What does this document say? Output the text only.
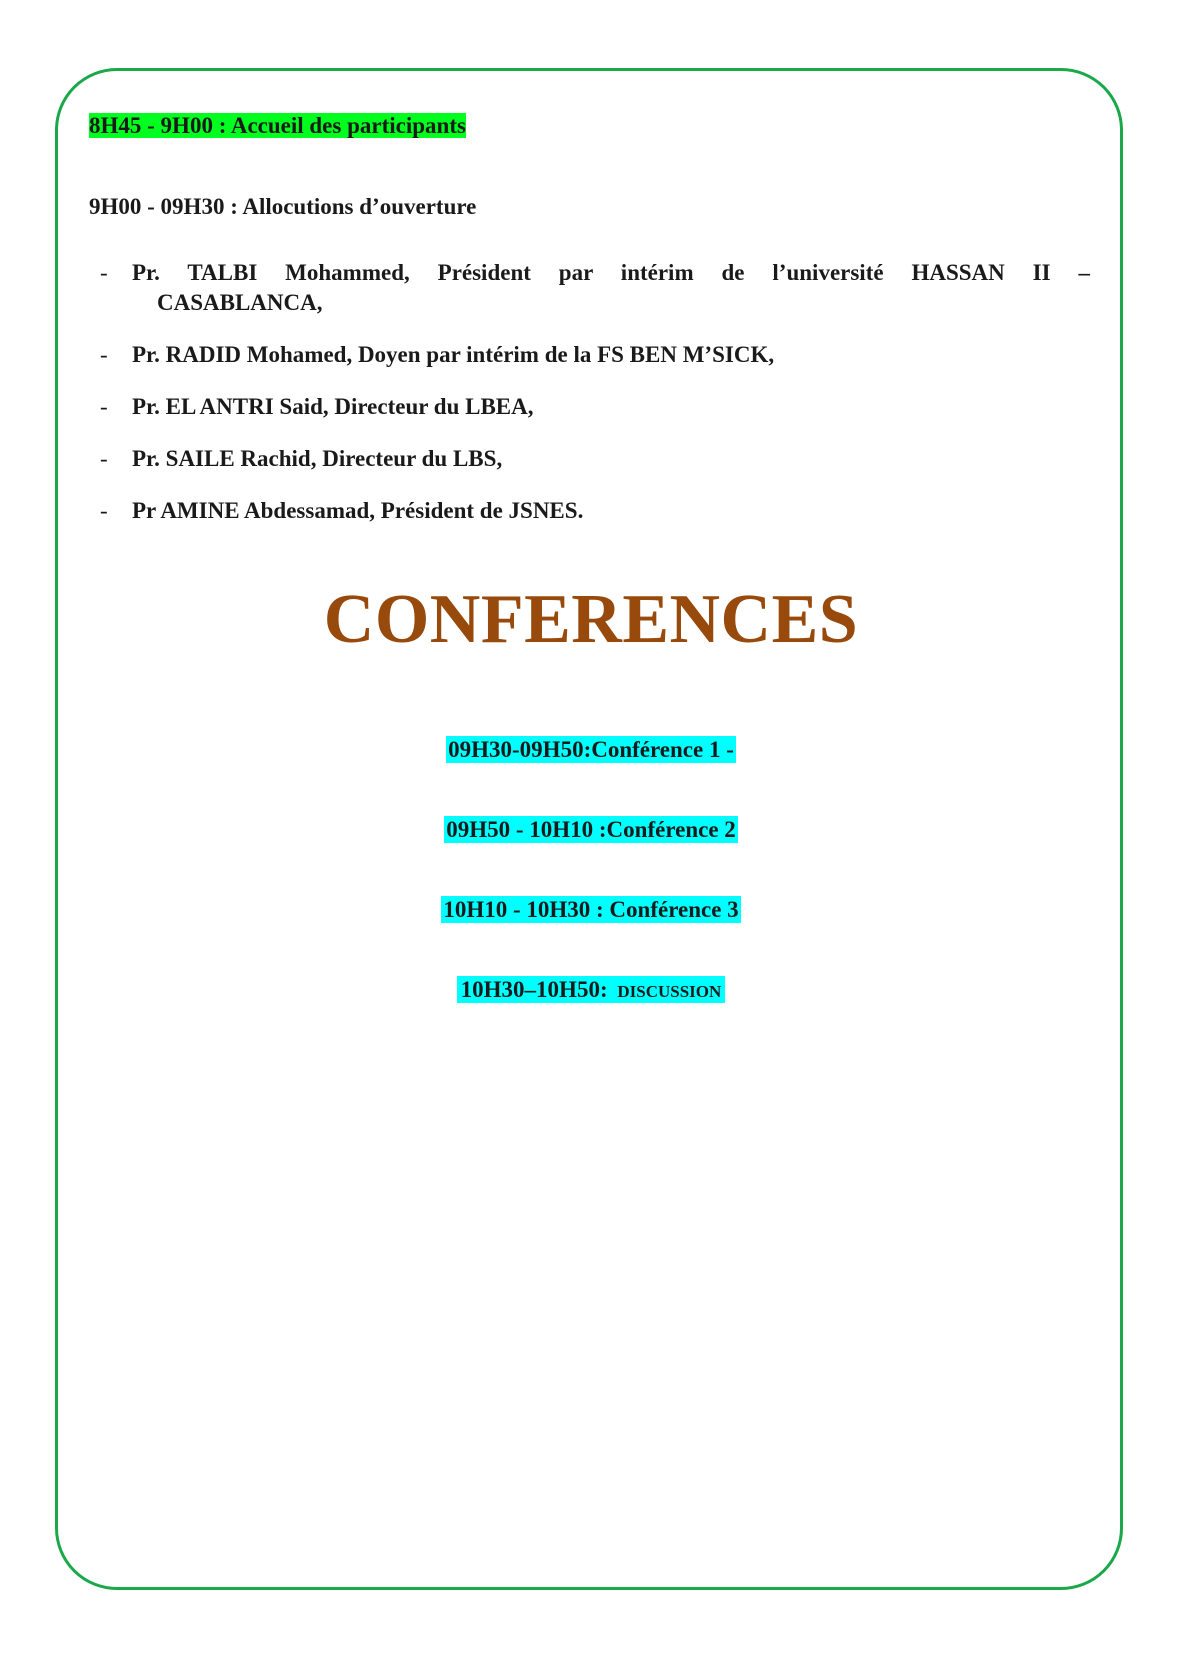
8H45 - 9H00 : Accueil des participants
9H00 - 09H30 : Allocutions d’ouverture
- Pr. TALBI Mohammed, Président par intérim de l’université HASSAN II –
CASABLANCA,
- Pr. RADID Mohamed, Doyen par intérim de la FS BEN M’SICK,
- Pr. EL ANTRI Said, Directeur du LBEA,
- Pr. SAILE Rachid, Directeur du LBS,
- Pr AMINE Abdessamad, Président de JSNES.
CONFERENCES
09H30-09H50:Conférence 1 -
09H50 - 10H10 :Conférence 2
10H10 - 10H30 : Conférence 3
10H30–10H50: DISCUSSION
